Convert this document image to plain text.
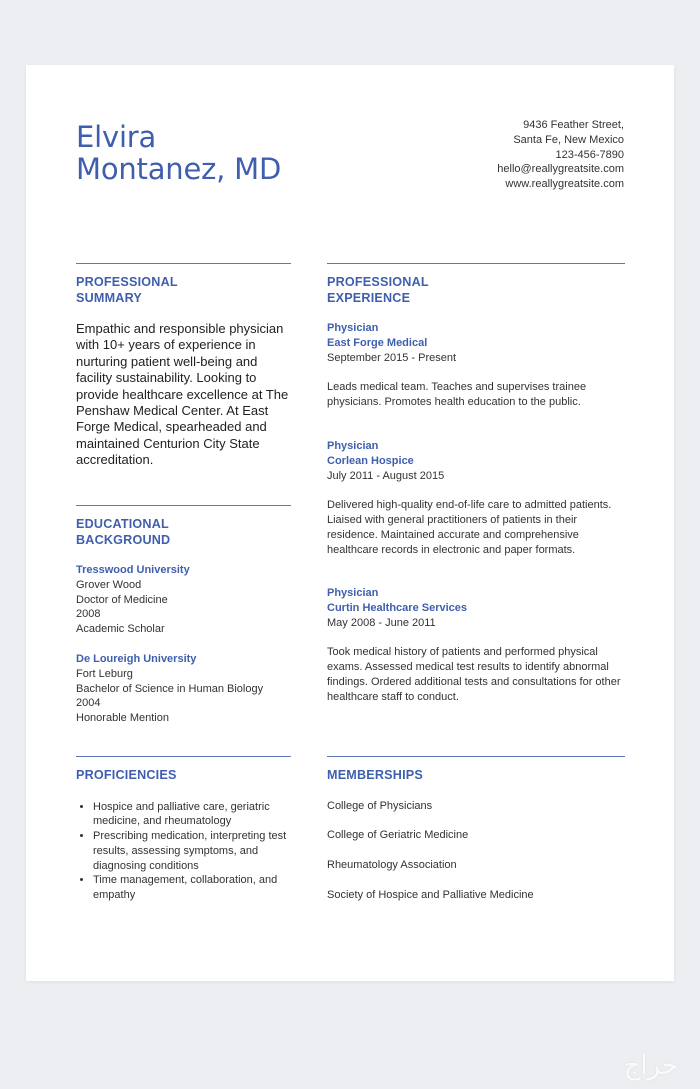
Elvira
Montanez, MD
9436 Feather Street,
Santa Fe, New Mexico
123-456-7890
hello@reallygreatsite.com
www.reallygreatsite.com
PROFESSIONAL
SUMMARY
Empathic and responsible physician with 10+ years of experience in nurturing patient well-being and facility sustainability. Looking to provide healthcare excellence at The Penshaw Medical Center. At East Forge Medical, spearheaded and maintained Centurion City State accreditation.
EDUCATIONAL
BACKGROUND
Tresswood University
Grover Wood
Doctor of Medicine
2008
Academic Scholar
De Loureigh University
Fort Leburg
Bachelor of Science in Human Biology
2004
Honorable Mention
PROFESSIONAL
EXPERIENCE
Physician
East Forge Medical
September 2015 - Present
Leads medical team. Teaches and supervises trainee physicians. Promotes health education to the public.
Physician
Corlean Hospice
July 2011 - August 2015
Delivered high-quality end-of-life care to admitted patients. Liaised with general practitioners of patients in their residence. Maintained accurate and comprehensive healthcare records in electronic and paper formats.
Physician
Curtin Healthcare Services
May 2008 - June 2011
Took medical history of patients and performed physical exams. Assessed medical test results to identify abnormal findings. Ordered additional tests and consultations for other healthcare staff to conduct.
PROFICIENCIES
• Hospice and palliative care, geriatric medicine, and rheumatology
• Prescribing medication, interpreting test results, assessing symptoms, and diagnosing conditions
• Time management, collaboration, and empathy
MEMBERSHIPS
College of Physicians
College of Geriatric Medicine
Rheumatology Association
Society of Hospice and Palliative Medicine
حراج
